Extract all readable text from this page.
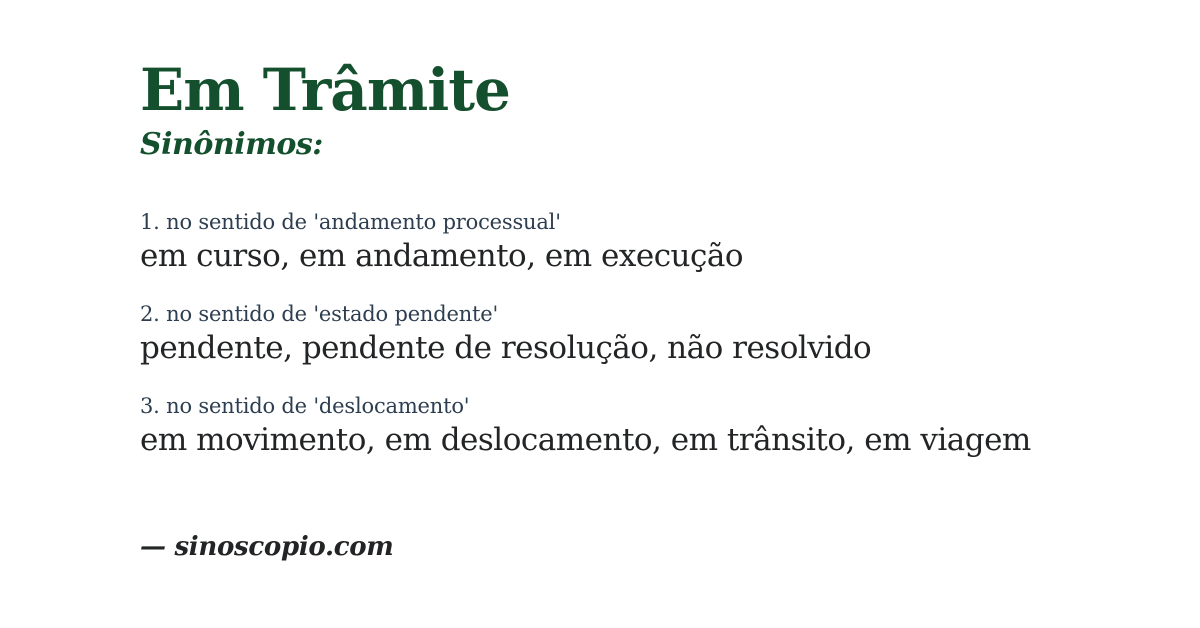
Em Trâmite
Sinônimos:

1. no sentido de 'andamento processual'

em curso, em andamento, em execução

2. no sentido de 'estado pendente'

pendente, pendente de resolução, não resolvido

3. no sentido de 'deslocamento'

em movimento, em deslocamento, em trânsito, em viagem

— sinoscopio.com
